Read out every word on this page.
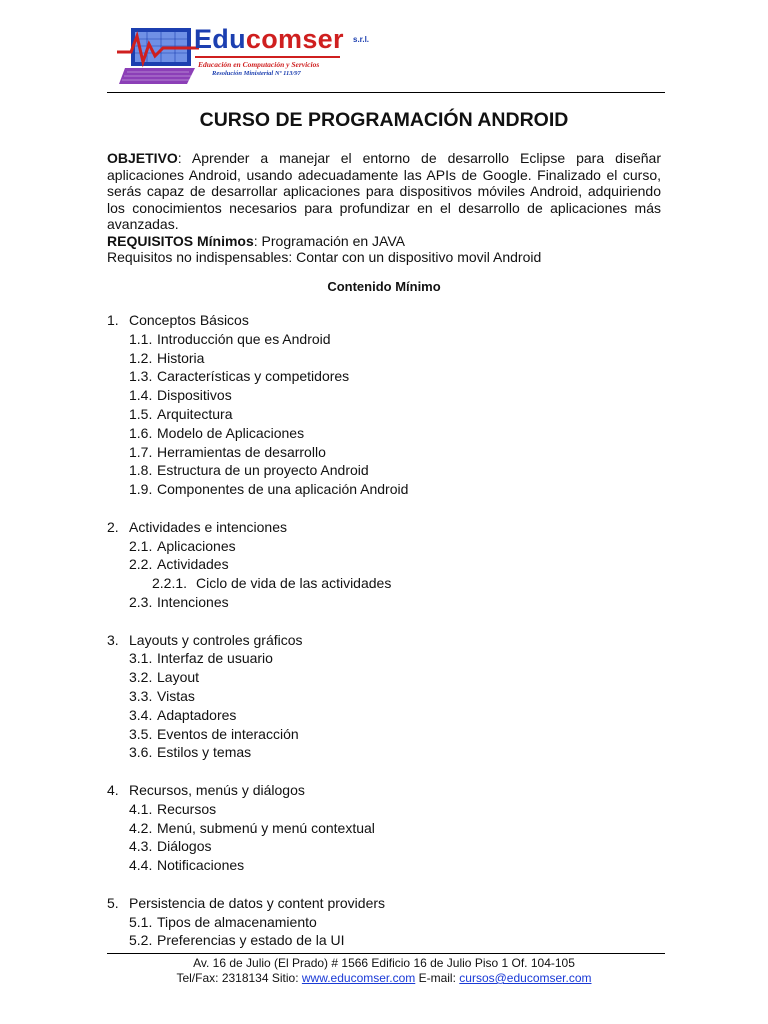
Educomser s.r.l.
Educación en Computación y Servicios
Resolución Ministerial Nº 113/97
CURSO DE PROGRAMACIÓN ANDROID

OBJETIVO: Aprender a manejar el entorno de desarrollo Eclipse para diseñar aplicaciones Android, usando adecuadamente las APIs de Google. Finalizado el curso, serás capaz de desarrollar aplicaciones para dispositivos móviles Android, adquiriendo los conocimientos necesarios para profundizar en el desarrollo de aplicaciones más avanzadas.

REQUISITOS Mínimos: Programación en JAVA

Requisitos no indispensables: Contar con un dispositivo movil Android

Contenido Mínimo
1. Conceptos Básicos
1.1. Introducción que es Android
1.2. Historia
1.3. Características y competidores
1.4. Dispositivos
1.5. Arquitectura
1.6. Modelo de Aplicaciones
1.7. Herramientas de desarrollo
1.8. Estructura de un proyecto Android
1.9. Componentes de una aplicación Android
2. Actividades e intenciones
2.1. Aplicaciones
2.2. Actividades
2.2.1. Ciclo de vida de las actividades
2.3. Intenciones
3. Layouts y controles gráficos
3.1. Interfaz de usuario
3.2. Layout
3.3. Vistas
3.4. Adaptadores
3.5. Eventos de interacción
3.6. Estilos y temas
4. Recursos, menús y diálogos
4.1. Recursos
4.2. Menú, submenú y menú contextual
4.3. Diálogos
4.4. Notificaciones
5. Persistencia de datos y content providers
5.1. Tipos de almacenamiento
5.2. Preferencias y estado de la UI
Av. 16 de Julio (El Prado) # 1566 Edificio 16 de Julio Piso 1 Of. 104-105
Tel/Fax: 2318134 Sitio: www.educomser.com E-mail: cursos@educomser.com
